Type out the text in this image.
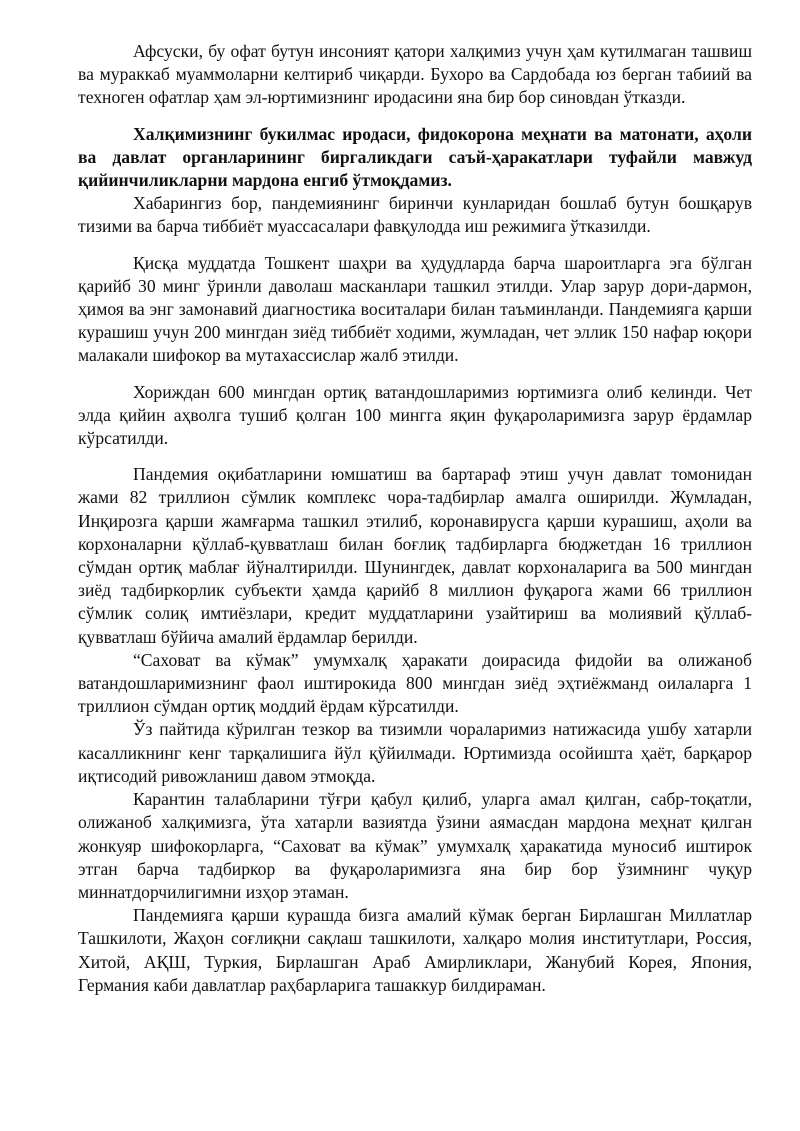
Афсуски, бу офат бутун инсоният қатори халқимиз учун ҳам кутилмаган ташвиш ва мураккаб муаммоларни келтириб чиқарди. Бухоро ва Сардобада юз берган табиий ва техноген офатлар ҳам эл-юртимизнинг иродасини яна бир бор синовдан ўтказди.

Халқимизнинг букилмас иродаси, фидокорона меҳнати ва матонати, аҳоли ва давлат органларининг биргаликдаги саъй-ҳаракатлари туфайли мавжуд қийинчиликларни мардона енгиб ўтмоқдамиз.

Хабарингиз бор, пандемиянинг биринчи кунларидан бошлаб бутун бошқарув тизими ва барча тиббиёт муассасалари фавқулодда иш режимига ўтказилди.

Қисқа муддатда Тошкент шаҳри ва ҳудудларда барча шароитларга эга бўлган қарийб 30 минг ўринли даволаш масканлари ташкил этилди. Улар зарур дори-дармон, ҳимоя ва энг замонавий диагностика воситалари билан таъминланди. Пандемияга қарши курашиш учун 200 мингдан зиёд тиббиёт ходими, жумладан, чет эллик 150 нафар юқори малакали шифокор ва мутахассислар жалб этилди.

Хориждан 600 мингдан ортиқ ватандошларимиз юртимизга олиб келинди. Чет элда қийин аҳволга тушиб қолган 100 мингга яқин фуқароларимизга зарур ёрдамлар кўрсатилди.

Пандемия оқибатларини юмшатиш ва бартараф этиш учун давлат томонидан жами 82 триллион сўмлик комплекс чора-тадбирлар амалга оширилди. Жумладан, Инқирозга қарши жамғарма ташкил этилиб, коронавирусга қарши курашиш, аҳоли ва корхоналарни қўллаб-қувватлаш билан боғлиқ тадбирларга бюджетдан 16 триллион сўмдан ортиқ маблағ йўналтирилди. Шунингдек, давлат корхоналарига ва 500 мингдан зиёд тадбиркорлик субъекти ҳамда қарийб 8 миллион фуқарога жами 66 триллион сўмлик солиқ имтиёзлари, кредит муддатларини узайтириш ва молиявий қўллаб-қувватлаш бўйича амалий ёрдамлар берилди.

“Саховат ва кўмак” умумхалқ ҳаракати доирасида фидойи ва олижаноб ватандошларимизнинг фаол иштирокида 800 мингдан зиёд эҳтиёжманд оилаларга 1 триллион сўмдан ортиқ моддий ёрдам кўрсатилди.

Ўз пайтида кўрилган тезкор ва тизимли чораларимиз натижасида ушбу хатарли касалликнинг кенг тарқалишига йўл қўйилмади. Юртимизда осойишта ҳаёт, барқарор иқтисодий ривожланиш давом этмоқда.

Карантин талабларини тўғри қабул қилиб, уларга амал қилган, сабр-тоқатли, олижаноб халқимизга, ўта хатарли вазиятда ўзини аямасдан мардона меҳнат қилган жонкуяр шифокорларга, “Саховат ва кўмак” умумхалқ ҳаракатида муносиб иштирок этган барча тадбиркор ва фуқароларимизга яна бир бор ўзимнинг чуқур миннатдорчилигимни изҳор этаман.

Пандемияга қарши курашда бизга амалий кўмак берган Бирлашган Миллатлар Ташкилоти, Жаҳон соғлиқни сақлаш ташкилоти, халқаро молия институтлари, Россия, Хитой, АҚШ, Туркия, Бирлашган Араб Амирликлари, Жанубий Корея, Япония, Германия каби давлатлар раҳбарларига ташаккур билдираман.
